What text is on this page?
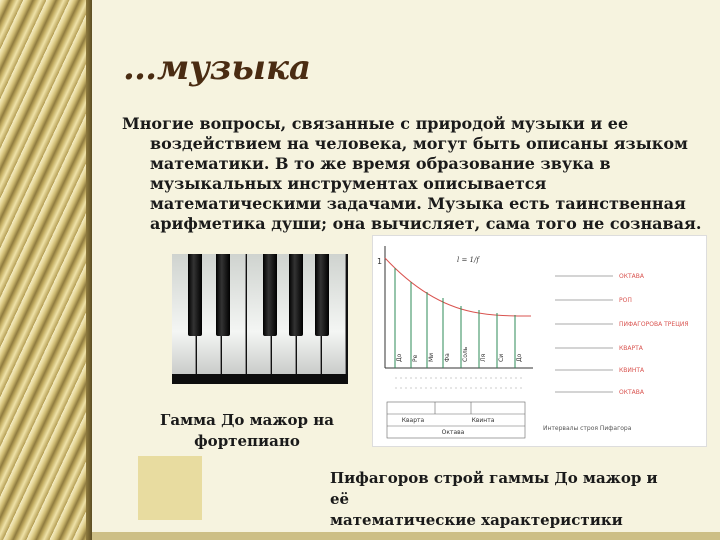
…музыка
Многие вопросы, связанные с природой музыки и ее
воздействием на человека, могут быть описаны языком
математики. В то же время образование звука в
музыкальных инструментах описывается
математическими задачами. Музыка есть таинственная
арифметика души; она вычисляет, сама того не сознавая.
Гамма До мажор на
фортепиано
1	l = 1/f
До Ре Ми Фа Соль Ля Си До
Кварта	Квинта
Октава
ОКТАВА
РОП
ПИФАГОРОВА ТРЕЦИЯ
КВАРТА
КВИНТА
ОКТАВА
Интервалы строя Пифагора
Пифагоров строй гаммы До мажор и её
математические характеристики
